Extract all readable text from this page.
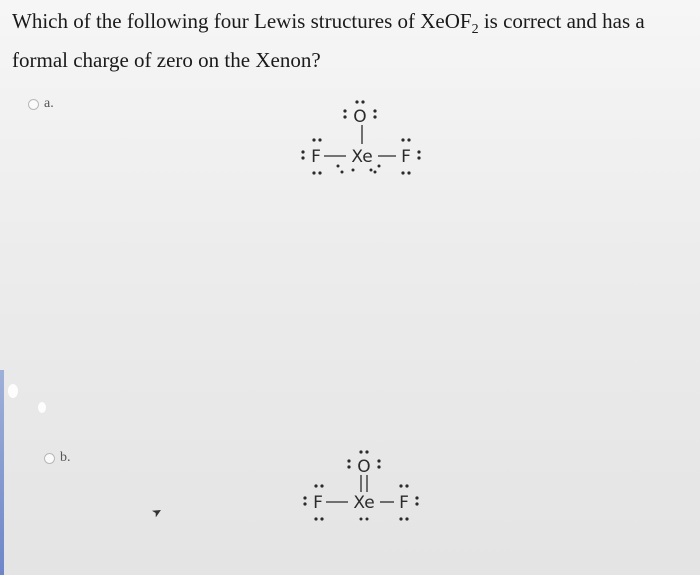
Which of the following four Lewis structures of XeOF$_2$ is correct and has a formal charge of zero on the Xenon?
a.
O
Xe
F	F
b.	O
Xe
F	F
➤
